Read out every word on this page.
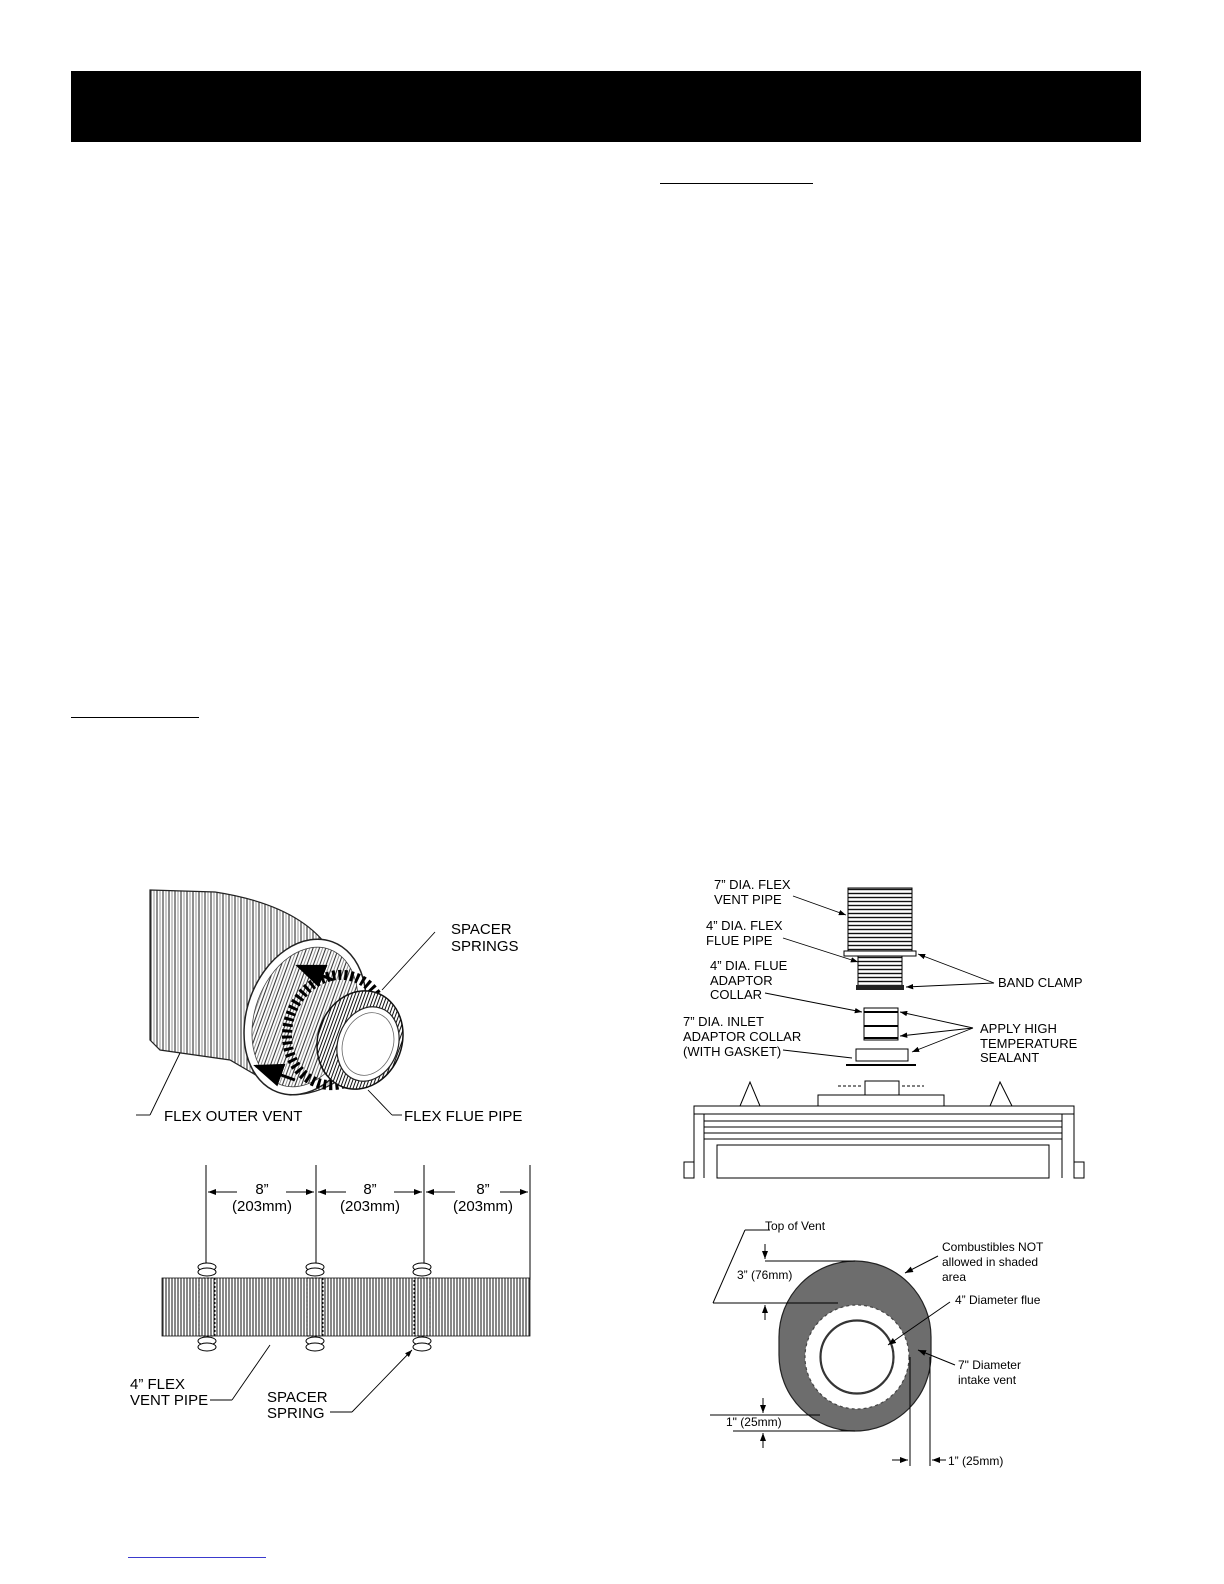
SPACER
SPRINGS
FLEX OUTER VENT	FLEX FLUE PIPE
8”
(203mm)
8”
(203mm)
8”
(203mm)
4” FLEX
VENT PIPE	SPACER
SPRING
7” DIA. FLEX
VENT PIPE
4” DIA. FLEX
FLUE PIPE
4” DIA. FLUE
ADAPTOR
COLLAR
7” DIA. INLET
ADAPTOR COLLAR
(WITH GASKET)
BAND CLAMP
APPLY HIGH
TEMPERATURE
SEALANT
Top of Vent
Combustibles NOT
allowed in shaded
area
4” Diameter flue
7" Diameter
intake vent
3” (76mm)
1" (25mm)
1” (25mm)
